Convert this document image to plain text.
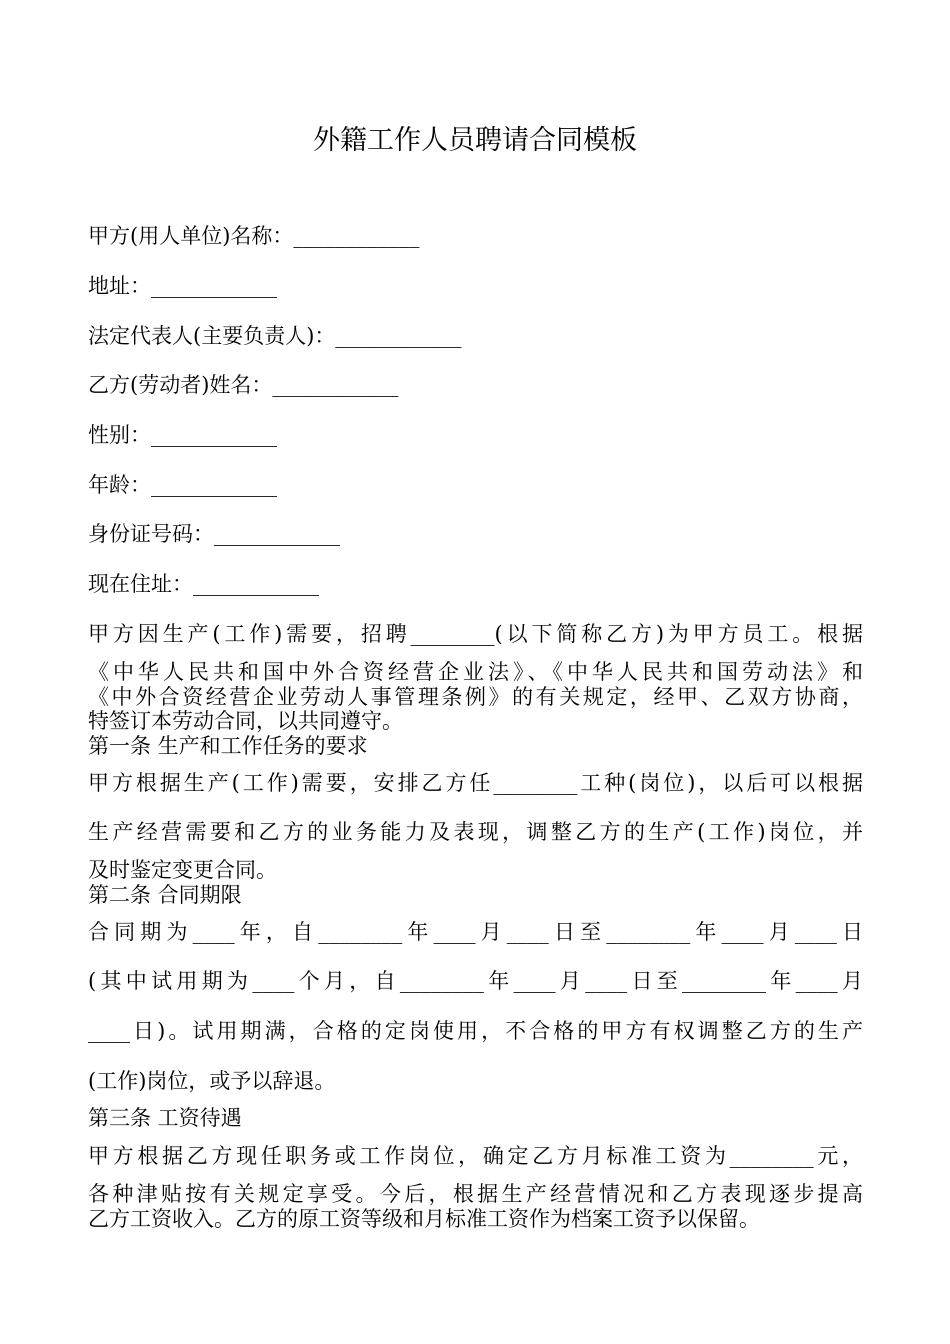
外籍工作人员聘请合同模板
甲方(用人单位)名称：____________
地址：____________
法定代表人(主要负责人)：____________
乙方(劳动者)姓名：____________
性别：____________
年龄：____________
身份证号码：____________
现在住址：____________
甲方因生产(工作)需要，招聘________(以下简称乙方)为甲方员工。根据
《中华人民共和国中外合资经营企业法》、《中华人民共和国劳动法》和
《中外合资经营企业劳动人事管理条例》的有关规定，经甲、乙双方协商，
特签订本劳动合同，以共同遵守。
第一条 生产和工作任务的要求
甲方根据生产(工作)需要，安排乙方任________工种(岗位)，以后可以根据
生产经营需要和乙方的业务能力及表现，调整乙方的生产(工作)岗位，并
及时鉴定变更合同。
第二条 合同期限
合同期为____年，自________年____月____日至________年____月____日
(其中试用期为____个月，自________年____月____日至________年____月
____日)。试用期满，合格的定岗使用，不合格的甲方有权调整乙方的生产
(工作)岗位，或予以辞退。
第三条 工资待遇
甲方根据乙方现任职务或工作岗位，确定乙方月标准工资为________元，
各种津贴按有关规定享受。今后，根据生产经营情况和乙方表现逐步提高
乙方工资收入。乙方的原工资等级和月标准工资作为档案工资予以保留。
